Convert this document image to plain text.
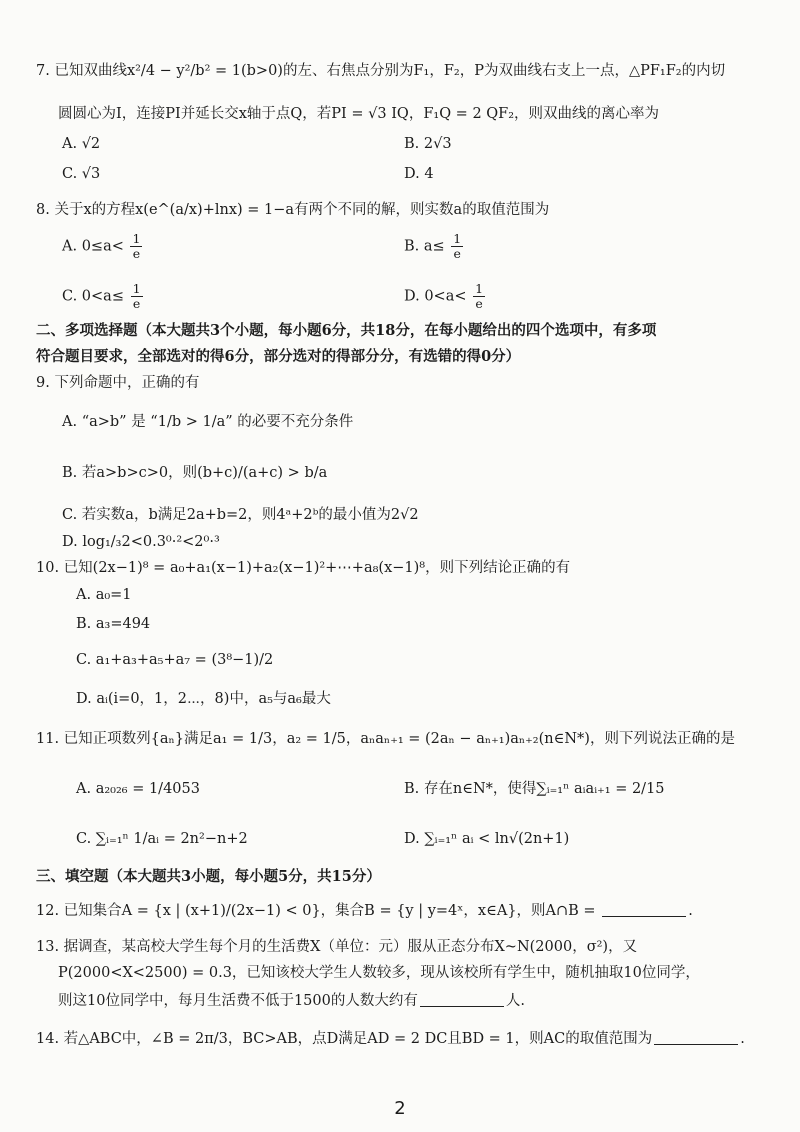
7. 已知双曲线x²/4 − y²/b² = 1(b>0)的左、右焦点分别为F₁，F₂，P为双曲线右支上一点，△PF₁F₂的内切
圆圆心为I，连接PI并延长交x轴于点Q，若PI = √3 IQ，F₁Q = 2 QF₂，则双曲线的离心率为
A. √2	B. 2√3
C. √3	D. 4
8. 关于x的方程x(e^(a/x)+lnx) = 1−a有两个不同的解，则实数a的取值范围为
A. $0\le a< \frac{1}{e}$	B. $a\le \frac{1}{e}$
C. $0<a\le \frac{1}{e}$	D. $0<a< \frac{1}{e}$
二、多项选择题（本大题共3个小题，每小题6分，共18分，在每小题给出的四个选项中，有多项
符合题目要求，全部选对的得6分，部分选对的得部分分，有选错的得0分）
9. 下列命题中，正确的有
A. “a>b” 是 “1/b > 1/a” 的必要不充分条件
B. 若a>b>c>0，则(b+c)/(a+c) > b/a
C. 若实数a，b满足2a+b=2，则4ᵃ+2ᵇ的最小值为2√2
D. log₁/₃2<0.3⁰·²<2⁰·³
10. 已知(2x−1)⁸ = a₀+a₁(x−1)+a₂(x−1)²+⋯+a₈(x−1)⁸，则下列结论正确的有
A. a₀=1
B. a₃=494
C. a₁+a₃+a₅+a₇ = (3⁸−1)/2
D. aᵢ(i=0，1，2⋯，8)中，a₅与a₆最大
11. 已知正项数列{aₙ}满足a₁ = 1/3，a₂ = 1/5，aₙaₙ₊₁ = (2aₙ − aₙ₊₁)aₙ₊₂(n∈N*)，则下列说法正确的是
A. a₂₀₂₆ = 1/4053	B. 存在n∈N*，使得∑ᵢ₌₁ⁿ aᵢaᵢ₊₁ = 2/15
C. ∑ᵢ₌₁ⁿ 1/aᵢ = 2n²−n+2	D. ∑ᵢ₌₁ⁿ aᵢ < ln√(2n+1)
三、填空题（本大题共3小题，每小题5分，共15分）
12. 已知集合A = {x | (x+1)/(2x−1) < 0}，集合B = {y | y=4ˣ，x∈A}，则A∩B =	.
13. 据调查，某高校大学生每个月的生活费X（单位：元）服从正态分布X~N(2000，σ²)，又
P(2000<X<2500) = 0.3，已知该校大学生人数较多，现从该校所有学生中，随机抽取10位同学，
则这10位同学中，每月生活费不低于1500的人数大约有	人.
14. 若△ABC中，∠B = 2π/3，BC>AB，点D满足AD = 2 DC且BD = 1，则AC的取值范围为	.
2
